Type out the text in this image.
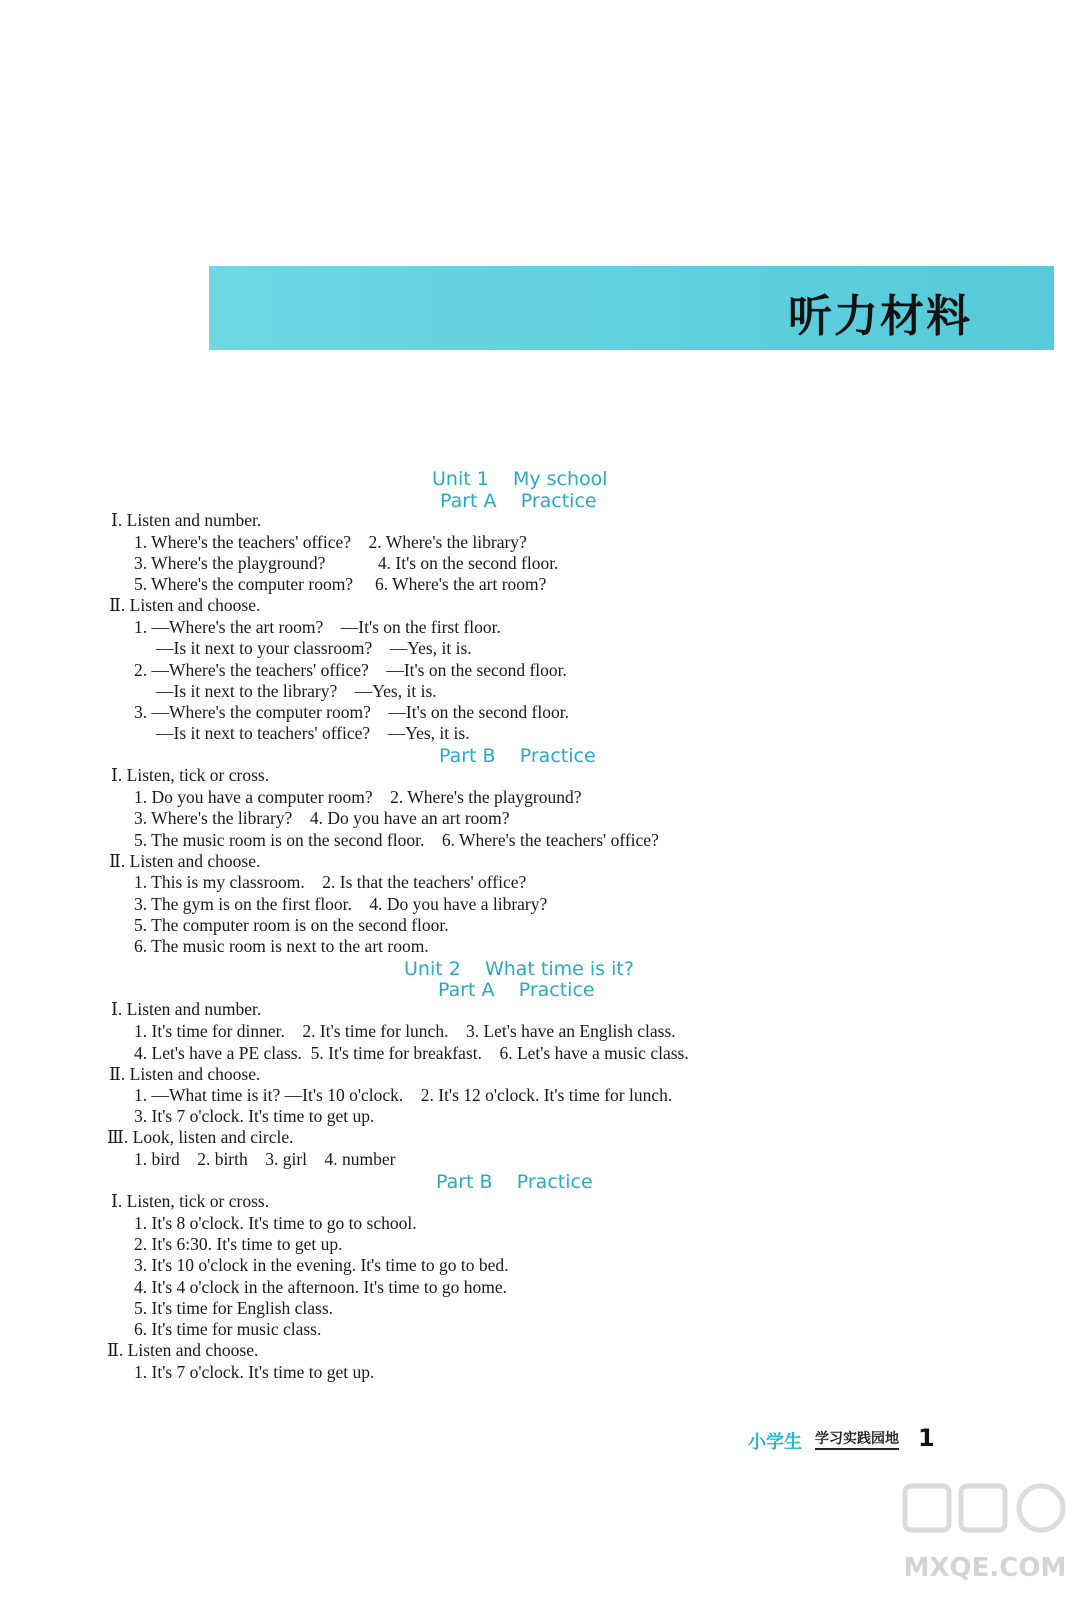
听力材料
Unit 1    My school
Part A    Practice
Ⅰ. Listen and number.
1. Where's the teachers' office?    2. Where's the library?
3. Where's the playground?            4. It's on the second floor.
5. Where's the computer room?     6. Where's the art room?
Ⅱ. Listen and choose.
1. —Where's the art room?    —It's on the first floor.
—Is it next to your classroom?    —Yes, it is.
2. —Where's the teachers' office?    —It's on the second floor.
—Is it next to the library?    —Yes, it is.
3. —Where's the computer room?    —It's on the second floor.
—Is it next to teachers' office?    —Yes, it is.
Part B    Practice
Ⅰ. Listen, tick or cross.
1. Do you have a computer room?    2. Where's the playground?
3. Where's the library?    4. Do you have an art room?
5. The music room is on the second floor.    6. Where's the teachers' office?
Ⅱ. Listen and choose.
1. This is my classroom.    2. Is that the teachers' office?
3. The gym is on the first floor.    4. Do you have a library?
5. The computer room is on the second floor.
6. The music room is next to the art room.
Unit 2    What time is it?
Part A    Practice
Ⅰ. Listen and number.
1. It's time for dinner.    2. It's time for lunch.    3. Let's have an English class.
4. Let's have a PE class.  5. It's time for breakfast.    6. Let's have a music class.
Ⅱ. Listen and choose.
1. —What time is it? —It's 10 o'clock.    2. It's 12 o'clock. It's time for lunch.
3. It's 7 o'clock. It's time to get up.
Ⅲ. Look, listen and circle.
1. bird    2. birth    3. girl    4. number
Part B    Practice
Ⅰ. Listen, tick or cross.
1. It's 8 o'clock. It's time to go to school.
2. It's 6:30. It's time to get up.
3. It's 10 o'clock in the evening. It's time to go to bed.
4. It's 4 o'clock in the afternoon. It's time to go home.
5. It's time for English class.
6. It's time for music class.
Ⅱ. Listen and choose.
1. It's 7 o'clock. It's time to get up.
小学生 学习实践园地 1
MXQE.COM
